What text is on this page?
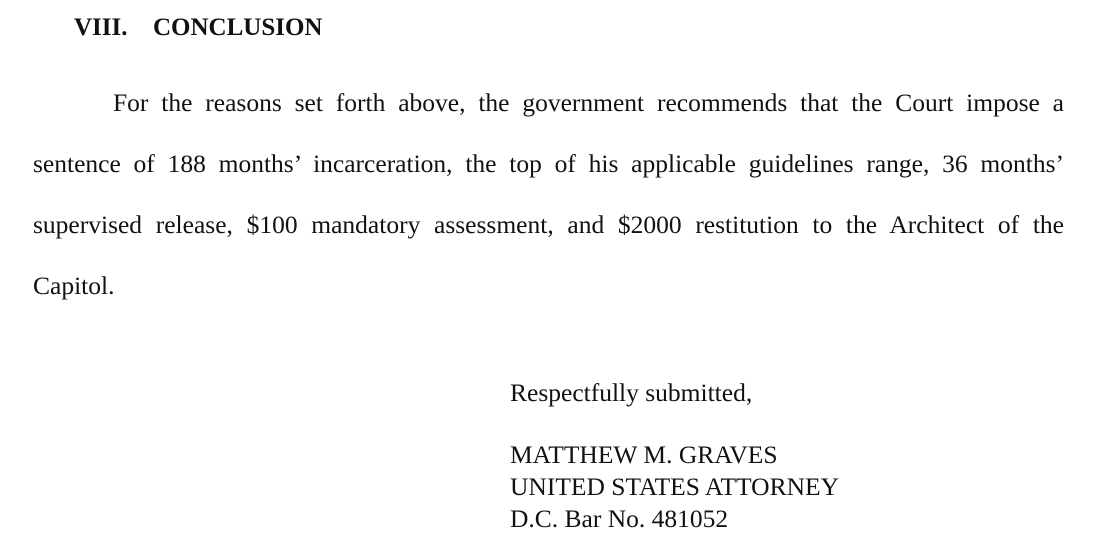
VIII.	CONCLUSION

For the reasons set forth above, the government recommends that the Court impose a sentence of 188 months’ incarceration, the top of his applicable guidelines range, 36 months’ supervised release, $100 mandatory assessment, and $2000 restitution to the Architect of the Capitol.

Respectfully submitted,
MATTHEW M. GRAVES
UNITED STATES ATTORNEY
D.C. Bar No. 481052
